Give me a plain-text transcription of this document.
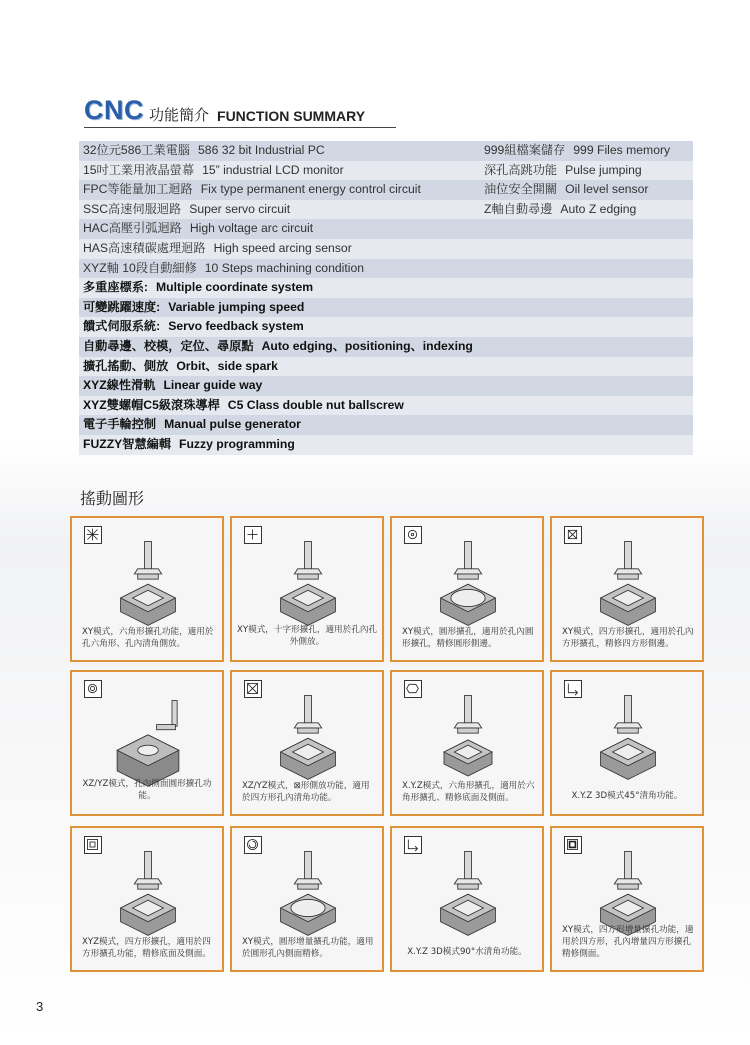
CNC 功能簡介 FUNCTION SUMMARY
32位元586工業電腦 586 32 bit Industrial PC	999組檔案儲存 999 Files memory
15吋工業用液晶螢幕 15” industrial LCD monitor	深孔高跳功能 Pulse jumping
FPC等能量加工迴路 Fix type permanent energy control circuit	油位安全開關 Oil level sensor
SSC高速伺服迴路 Super servo circuit	Z軸自動尋邊 Auto Z edging
HAC高壓引弧迴路 High voltage arc circuit
HAS高速積碳處理迴路 High speed arcing sensor
XYZ軸 10段自動細修 10 Steps machining condition
多重座標系: Multiple coordinate system
可變跳躍速度: Variable jumping speed
饋式伺服系統: Servo feedback system
自動尋邊、校模，定位、尋原點 Auto edging、positioning、indexing
擴孔搖動、側放 Orbit、side spark
XYZ線性滑軌 Linear guide way
XYZ雙螺帽C5級滾珠導桿 C5 Class double nut ballscrew
電子手輪控制 Manual pulse generator
FUZZY智慧編輯 Fuzzy programming
搖動圖形
XY模式，六角形擴孔功能，適用於孔六角形、孔內清角側放。
XY模式，十字形擴孔，適用於孔內孔外側放。
XY模式，圓形擴孔，適用於孔內圓形擴孔，精修圓形側邊。
XY模式，四方形擴孔，適用於孔內方形擴孔，精修四方形側邊。
XZ/YZ模式，孔內側面圓形擴孔功能。
XZ/YZ模式，⊠形側放功能，適用於四方形孔內清角功能。
X.Y.Z模式，六角形擴孔，適用於六角形擴孔、精修底面及側面。	X.Y.Z 3D模式45°清角功能。
XYZ模式，四方形擴孔，適用於四方形擴孔功能，精修底面及側面。
XY模式，圓形增量擴孔功能，適用於圓形孔內側面精修。	X.Y.Z 3D模式90°水清角功能。
XY模式，四方形增量擴孔功能，適用於四方形，孔內增量四方形擴孔精修側面。
3
